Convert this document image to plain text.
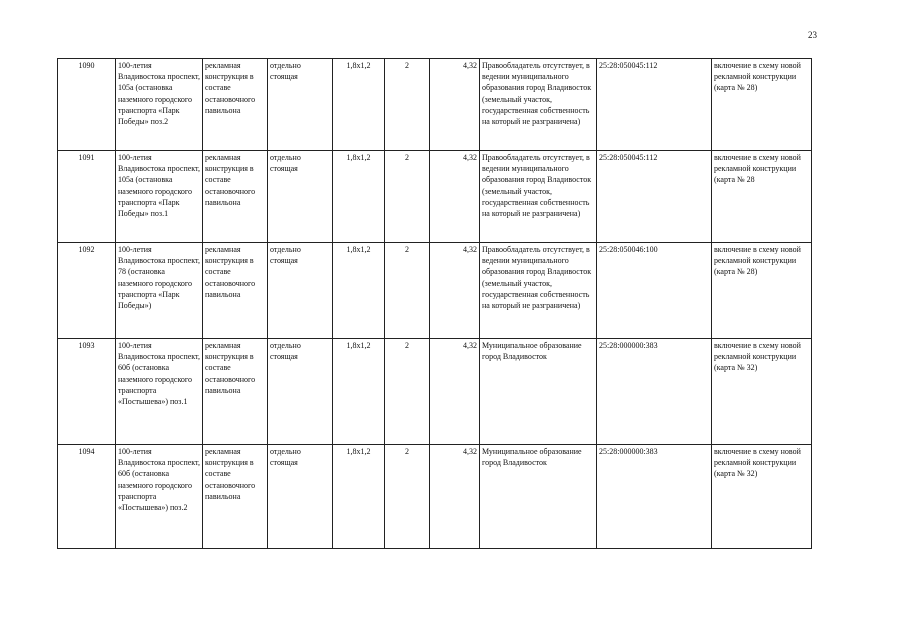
23
1090	100-летия Владивостока проспект, 105а (остановка наземного городского транспорта «Парк Победы» поз.2	рекламная конструкция в составе остановочного павильона	отдельно стоящая	1,8x1,2	2	4,32	Правообладатель отсутствует, в ведении муниципального образования город Владивосток (земельный участок, государственная собственность на который не разграничена)	25:28:050045:112	включение в схему новой рекламной конструкции (карта № 28)
1091	100-летия Владивостока проспект, 105а (остановка наземного городского транспорта «Парк Победы» поз.1	рекламная конструкция в составе остановочного павильона	отдельно стоящая	1,8x1,2	2	4,32	Правообладатель отсутствует, в ведении муниципального образования город Владивосток (земельный участок, государственная собственность на который не разграничена)	25:28:050045:112	включение в схему новой рекламной конструкции (карта № 28
1092	100-летия Владивостока проспект, 78 (остановка наземного городского транспорта «Парк Победы»)	рекламная конструкция в составе остановочного павильона	отдельно стоящая	1,8x1,2	2	4,32	Правообладатель отсутствует, в ведении муниципального образования город Владивосток (земельный участок, государственная собственность на который не разграничена)	25:28:050046:100	включение в схему новой рекламной конструкции (карта № 28)
1093	100-летия Владивостока проспект, 60б (остановка наземного городского транспорта «Постышева») поз.1	рекламная конструкция в составе остановочного павильона	отдельно стоящая	1,8x1,2	2	4,32	Муниципальное образование город Владивосток	25:28:000000:383	включение в схему новой рекламной конструкции (карта № 32)
1094	100-летия Владивостока проспект, 60б (остановка наземного городского транспорта «Постышева») поз.2	рекламная конструкция в составе остановочного павильона	отдельно стоящая	1,8x1,2	2	4,32	Муниципальное образование город Владивосток	25:28:000000:383	включение в схему новой рекламной конструкции (карта № 32)
